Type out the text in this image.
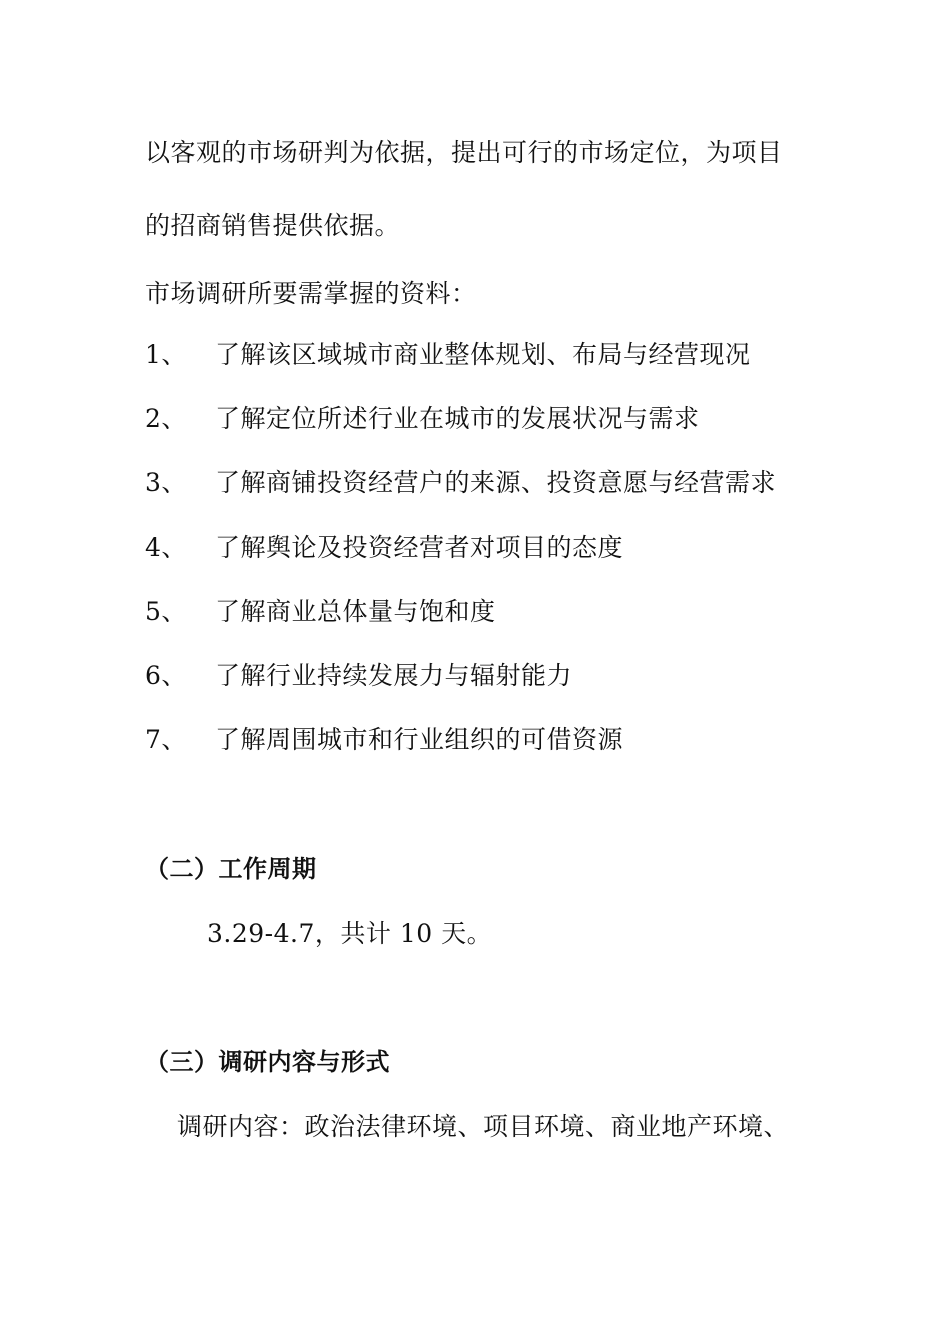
以客观的市场研判为依据，提出可行的市场定位，为项目
的招商销售提供依据。
市场调研所要需掌握的资料：
1、 了解该区域城市商业整体规划、布局与经营现况
2、 了解定位所述行业在城市的发展状况与需求
3、 了解商铺投资经营户的来源、投资意愿与经营需求
4、 了解舆论及投资经营者对项目的态度
5、 了解商业总体量与饱和度
6、 了解行业持续发展力与辐射能力
7、 了解周围城市和行业组织的可借资源
（二）工作周期
3.29-4.7，共计 10 天。
（三）调研内容与形式
调研内容：政治法律环境、项目环境、商业地产环境、
